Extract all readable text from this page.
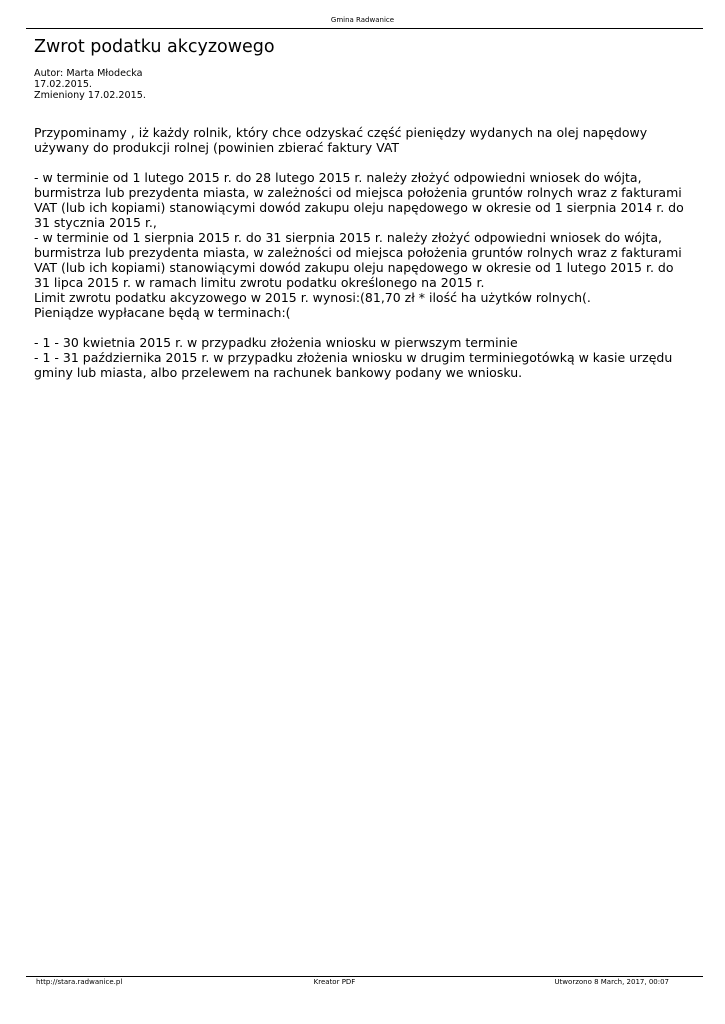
Gmina Radwanice
Zwrot podatku akcyzowego
Autor: Marta Młodecka
17.02.2015.
Zmieniony 17.02.2015.
Przypominamy , iż każdy rolnik, który chce odzyskać część pieniędzy wydanych na olej napędowy
używany do produkcji rolnej (powinien zbierać faktury VAT
- w terminie od 1 lutego 2015 r. do 28 lutego 2015 r. należy złożyć odpowiedni wniosek do wójta,
burmistrza lub prezydenta miasta, w zależności od miejsca położenia gruntów rolnych wraz z fakturami
VAT (lub ich kopiami) stanowiącymi dowód zakupu oleju napędowego w okresie od 1 sierpnia 2014 r. do
31 stycznia 2015 r.,
- w terminie od 1 sierpnia 2015 r. do 31 sierpnia 2015 r. należy złożyć odpowiedni wniosek do wójta,
burmistrza lub prezydenta miasta, w zależności od miejsca położenia gruntów rolnych wraz z fakturami
VAT (lub ich kopiami) stanowiącymi dowód zakupu oleju napędowego w okresie od 1 lutego 2015 r. do
31 lipca 2015 r. w ramach limitu zwrotu podatku określonego na 2015 r.
Limit zwrotu podatku akcyzowego w 2015 r. wynosi:(81,70 zł * ilość ha użytków rolnych(.
Pieniądze wypłacane będą w terminach:(
- 1 - 30 kwietnia 2015 r. w przypadku złożenia wniosku w pierwszym terminie
- 1 - 31 października 2015 r. w przypadku złożenia wniosku w drugim terminiegotówką w kasie urzędu
gminy lub miasta, albo przelewem na rachunek bankowy podany we wniosku.
http://stara.radwanice.pl	Kreator PDF	Utworzono 8 March, 2017, 00:07
